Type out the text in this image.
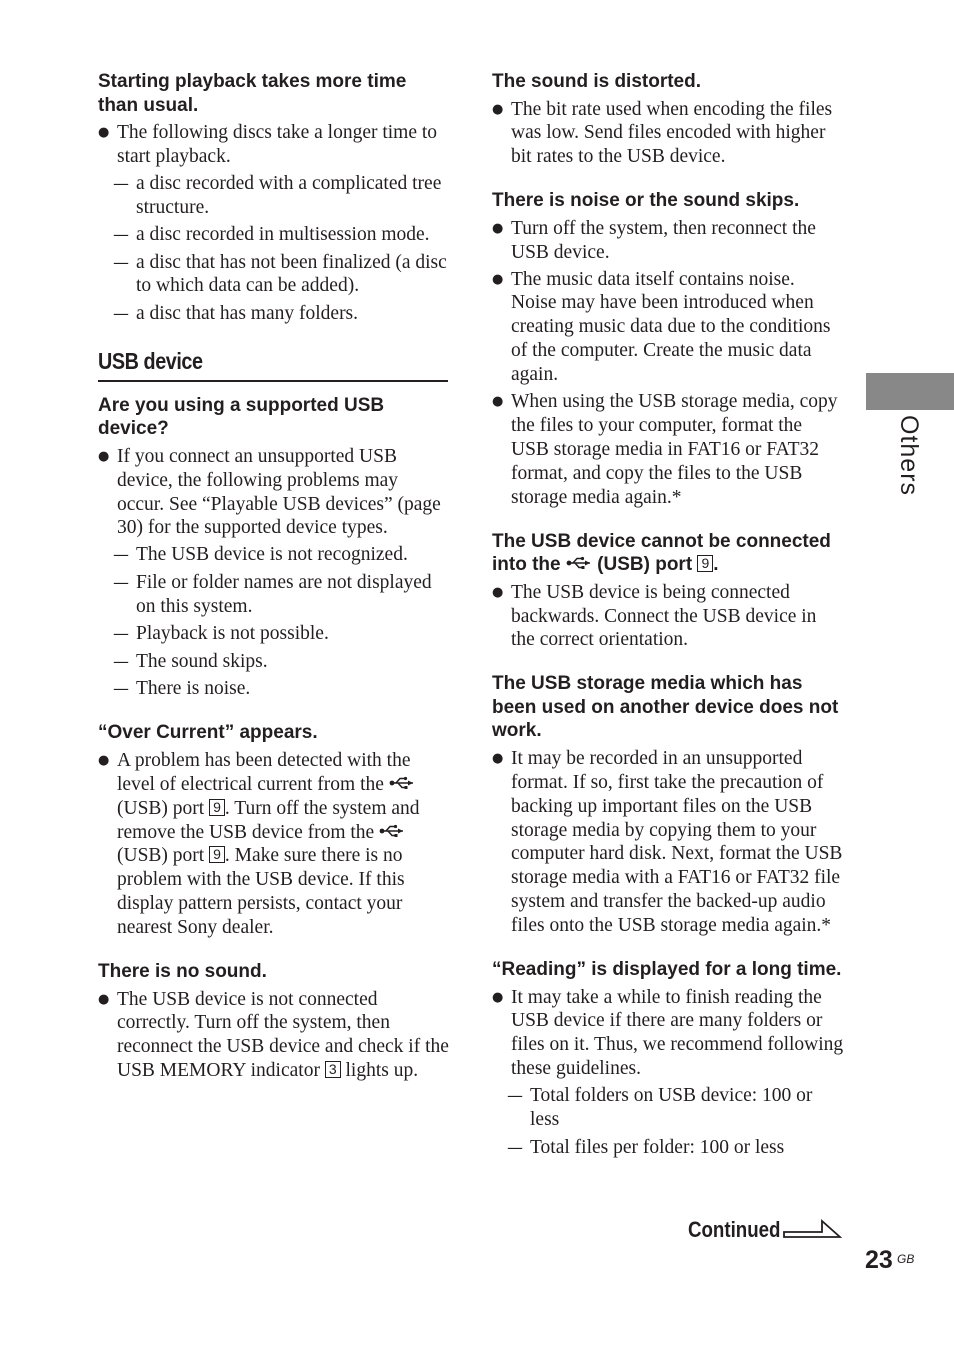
Starting playback takes more time than usual.
● The following discs take a longer time to start playback.
— a disc recorded with a complicated tree structure.
— a disc recorded in multisession mode.
— a disc that has not been finalized (a disc to which data can be added).
— a disc that has many folders.
USB device
Are you using a supported USB device?
● If you connect an unsupported USB device, the following problems may occur. See “Playable USB devices” (page 30) for the supported device types.
— The USB device is not recognized.
— File or folder names are not displayed on this system.
— Playback is not possible.
— The sound skips.
— There is noise.
“Over Current” appears.
● A problem has been detected with the level of electrical current from the  (USB) port 9 . Turn off the system and remove the USB device from the  (USB) port 9 . Make sure there is no problem with the USB device. If this display pattern persists, contact your nearest Sony dealer.
There is no sound.
● The USB device is not connected correctly. Turn off the system, then reconnect the USB device and check if the USB MEMORY indicator 3 lights up.
The sound is distorted.
● The bit rate used when encoding the files was low. Send files encoded with higher bit rates to the USB device.
There is noise or the sound skips.
● Turn off the system, then reconnect the USB device.
● The music data itself contains noise. Noise may have been introduced when creating music data due to the conditions of the computer. Create the music data again.
● When using the USB storage media, copy the files to your computer, format the USB storage media in FAT16 or FAT32 format, and copy the files to the USB storage media again.*
The USB device cannot be connected into the (USB) port 9 .
● The USB device is being connected backwards. Connect the USB device in the correct orientation.
The USB storage media which has been used on another device does not work.
● It may be recorded in an unsupported format. If so, first take the precaution of backing up important files on the USB storage media by copying them to your computer hard disk. Next, format the USB storage media with a FAT16 or FAT32 file system and transfer the backed-up audio files onto the USB storage media again.*
“Reading” is displayed for a long time.
● It may take a while to finish reading the USB device if there are many folders or files on it. Thus, we recommend following these guidelines.
— Total folders on USB device: 100 or less
— Total files per folder: 100 or less
Others
Continued
23 GB
